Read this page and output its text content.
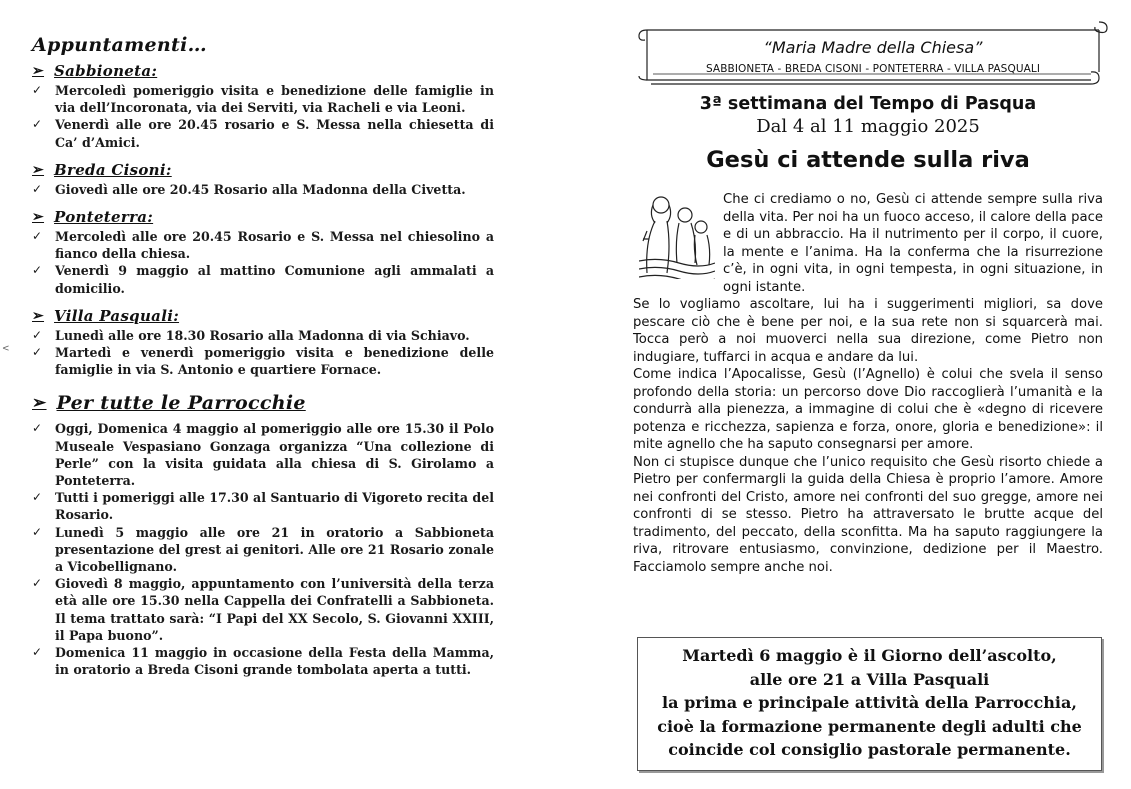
<
Appuntamenti…
➢ Sabbioneta:
✓ Mercoledì pomeriggio visita e benedizione delle famiglie in via dell’Incoronata, via dei Serviti, via Racheli e via Leoni.
✓ Venerdì alle ore 20.45 rosario e S. Messa nella chiesetta di Ca’ d’Amici.
➢ Breda Cisoni:
✓ Giovedì alle ore 20.45 Rosario alla Madonna della Civetta.
➢ Ponteterra:
✓ Mercoledì alle ore 20.45 Rosario e S. Messa nel chiesolino a fianco della chiesa.
✓ Venerdì 9 maggio al mattino Comunione agli ammalati a domicilio.
➢ Villa Pasquali:
✓ Lunedì alle ore 18.30 Rosario alla Madonna di via Schiavo.
✓ Martedì e venerdì pomeriggio visita e benedizione delle famiglie in via S. Antonio e quartiere Fornace.
➢ Per tutte le Parrocchie
✓ Oggi, Domenica 4 maggio al pomeriggio alle ore 15.30 il Polo Museale Vespasiano Gonzaga organizza “Una collezione di Perle” con la visita guidata alla chiesa di S. Girolamo a Ponteterra.
✓ Tutti i pomeriggi alle 17.30 al Santuario di Vigoreto recita del Rosario.
✓ Lunedì 5 maggio alle ore 21 in oratorio a Sabbioneta presentazione del grest ai genitori. Alle ore 21 Rosario zonale a Vicobellignano.
✓ Giovedì 8 maggio, appuntamento con l’università della terza età alle ore 15.30 nella Cappella dei Confratelli a Sabbioneta. Il tema trattato sarà: “I Papi del XX Secolo, S. Giovanni XXIII, il Papa buono”.
✓ Domenica 11 maggio in occasione della Festa della Mamma, in oratorio a Breda Cisoni grande tombolata aperta a tutti.
“Maria Madre della Chiesa”
SABBIONETA - BREDA CISONI - PONTETERRA - VILLA PASQUALI
3ª settimana del Tempo di Pasqua
Dal 4 al 11 maggio 2025
Gesù ci attende sulla riva

Che ci crediamo o no, Gesù ci attende sempre sulla riva della vita. Per noi ha un fuoco acceso, il calore della pace e di un abbraccio. Ha il nutrimento per il corpo, il cuore, la mente e l’anima. Ha la conferma che la risurrezione c’è, in ogni vita, in ogni tempesta, in ogni situazione, in ogni istante.

Se lo vogliamo ascoltare, lui ha i suggerimenti migliori, sa dove pescare ciò che è bene per noi, e la sua rete non si squarcerà mai. Tocca però a noi muoverci nella sua direzione, come Pietro non indugiare, tuffarci in acqua e andare da lui.

Come indica l’Apocalisse, Gesù (l’Agnello) è colui che svela il senso profondo della storia: un percorso dove Dio raccoglierà l’umanità e la condurrà alla pienezza, a immagine di colui che è «degno di ricevere potenza e ricchezza, sapienza e forza, onore, gloria e benedizione»: il mite agnello che ha saputo consegnarsi per amore.

Non ci stupisce dunque che l’unico requisito che Gesù risorto chiede a Pietro per confermargli la guida della Chiesa è proprio l’amore. Amore nei confronti del Cristo, amore nei confronti del suo gregge, amore nei confronti di se stesso. Pietro ha attraversato le brutte acque del tradimento, del peccato, della sconfitta. Ma ha saputo raggiungere la riva, ritrovare entusiasmo, convinzione, dedizione per il Maestro. Facciamolo sempre anche noi.

Martedì 6 maggio è il Giorno dell’ascolto,
alle ore 21 a Villa Pasquali
la prima e principale attività della Parrocchia,
cioè la formazione permanente degli adulti che
coincide col consiglio pastorale permanente.
